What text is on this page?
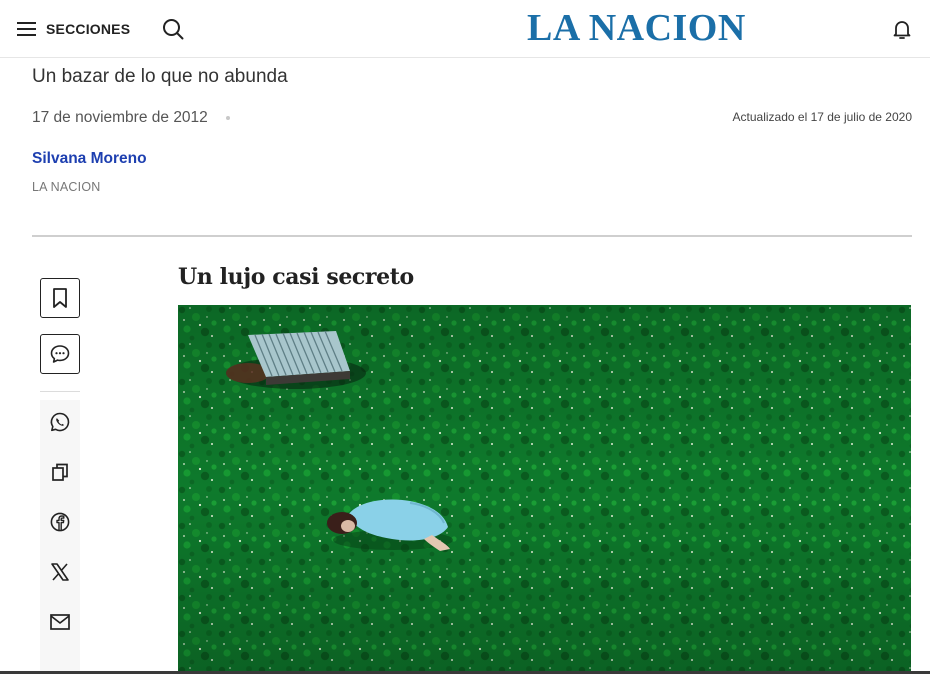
SECCIONES	LA NACION
Un bazar de lo que no abunda
17 de noviembre de 2012	Actualizado el 17 de julio de 2020
Silvana Moreno
LA NACION
Un lujo casi secreto
